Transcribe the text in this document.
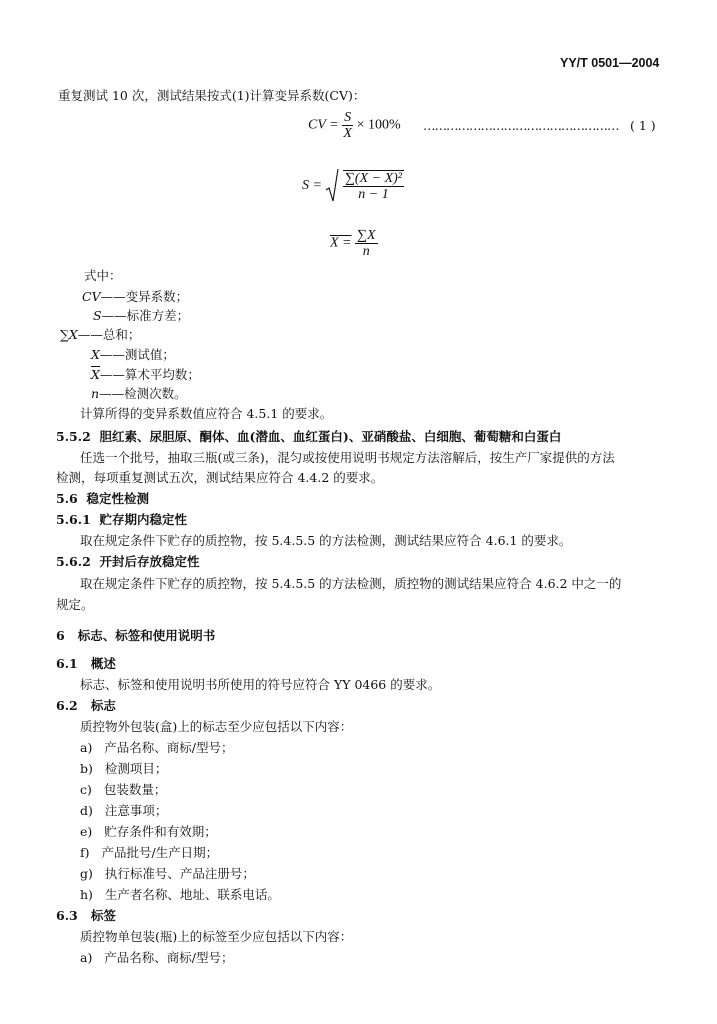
YY/T 0501—2004
重复测试 10 次，测试结果按式(1)计算变异系数(CV)：
CV = $\frac{S}{X} \times 100\%$ …………………………………………… ( 1 )
$S = \frac{\text{∑(X − X)²}}{n - 1}$
$X = \frac{\sum X}{n}$
式中：
CV——变异系数；
S——标准方差；
∑X——总和；
X——测试值；
$\overline{X}——$算术平均数；
n——检测次数。
计算所得的变异系数值应符合 4.5.1 的要求。
5.5.2 胆红素、尿胆原、酮体、血(潜血、血红蛋白)、亚硝酸盐、白细胞、葡萄糖和白蛋白
任选一个批号，抽取三瓶(或三条)，混匀或按使用说明书规定方法溶解后，按生产厂家提供的方法
检测，每项重复测试五次，测试结果应符合 4.4.2 的要求。
5.6 稳定性检测
5.6.1 贮存期内稳定性
取在规定条件下贮存的质控物，按 5.4.5.5 的方法检测，测试结果应符合 4.6.1 的要求。
5.6.2 开封后存放稳定性
取在规定条件下贮存的质控物，按 5.4.5.5 的方法检测，质控物的测试结果应符合 4.6.2 中之一的
规定。
6 标志、标签和使用说明书
6.1 概述
标志、标签和使用说明书所使用的符号应符合 YY 0466 的要求。
6.2 标志
质控物外包装(盒)上的标志至少应包括以下内容：
a) 产品名称、商标/型号；
b) 检测项目；
c) 包装数量；
d) 注意事项；
e) 贮存条件和有效期；
f) 产品批号/生产日期；
g) 执行标准号、产品注册号；
h) 生产者名称、地址、联系电话。
6.3 标签
质控物单包装(瓶)上的标签至少应包括以下内容：
a) 产品名称、商标/型号；
